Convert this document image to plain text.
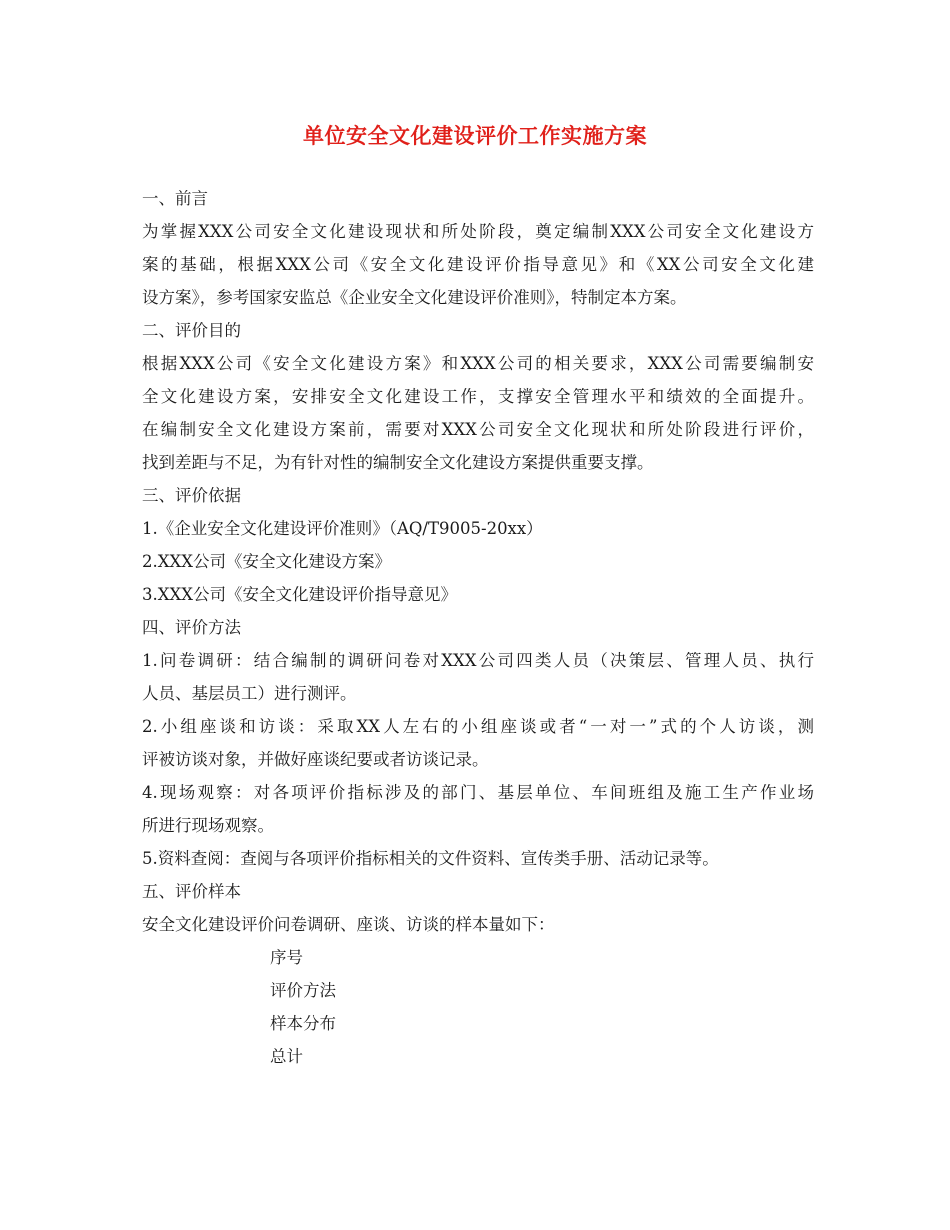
单位安全文化建设评价工作实施方案
一、前言
为掌握XXX公司安全文化建设现状和所处阶段，奠定编制XXX公司安全文化建设方
案的基础，根据XXX公司《安全文化建设评价指导意见》和《XX公司安全文化建
设方案》，参考国家安监总《企业安全文化建设评价准则》，特制定本方案。
二、评价目的
根据XXX公司《安全文化建设方案》和XXX公司的相关要求，XXX公司需要编制安
全文化建设方案，安排安全文化建设工作，支撑安全管理水平和绩效的全面提升。
在编制安全文化建设方案前，需要对XXX公司安全文化现状和所处阶段进行评价，
找到差距与不足，为有针对性的编制安全文化建设方案提供重要支撑。
三、评价依据
1.《企业安全文化建设评价准则》（AQ/T9005-20xx）
2.XXX公司《安全文化建设方案》
3.XXX公司《安全文化建设评价指导意见》
四、评价方法
1.问卷调研：结合编制的调研问卷对XXX公司四类人员（决策层、管理人员、执行
人员、基层员工）进行测评。
2.小组座谈和访谈：采取XX人左右的小组座谈或者“一对一”式的个人访谈，测
评被访谈对象，并做好座谈纪要或者访谈记录。
4.现场观察：对各项评价指标涉及的部门、基层单位、车间班组及施工生产作业场
所进行现场观察。
5.资料查阅：查阅与各项评价指标相关的文件资料、宣传类手册、活动记录等。
五、评价样本
安全文化建设评价问卷调研、座谈、访谈的样本量如下：
序号
评价方法
样本分布
总计
